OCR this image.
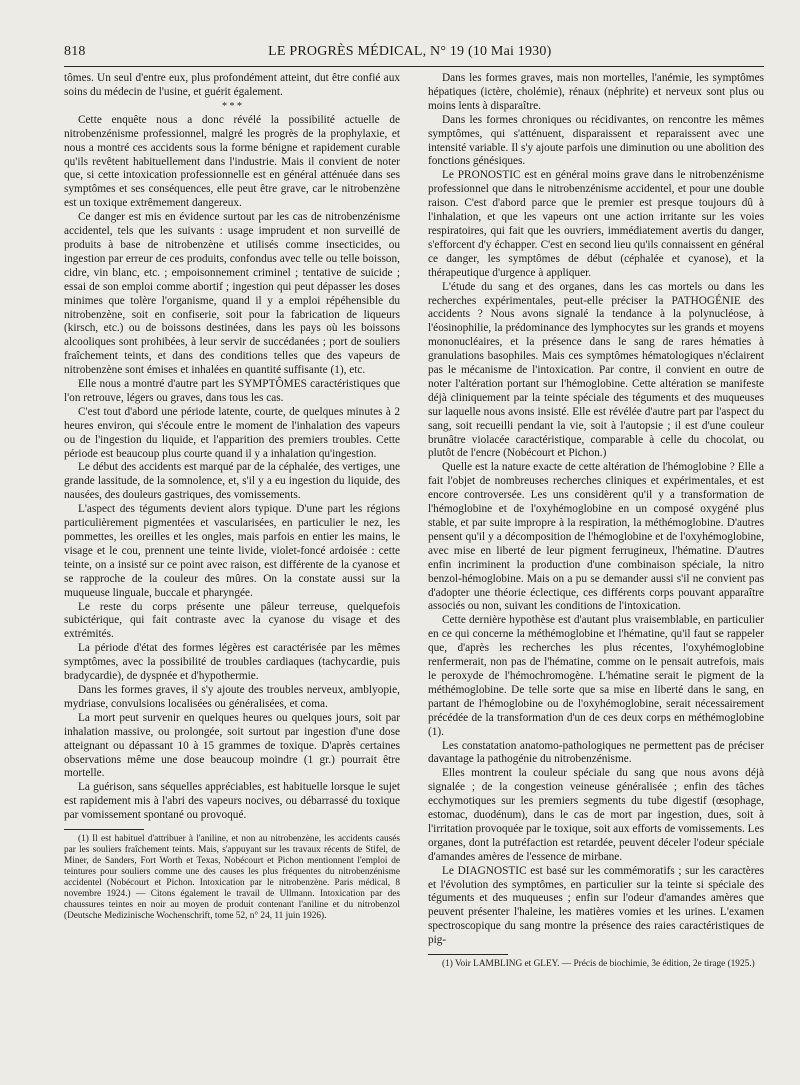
818	LE PROGRÈS MÉDICAL, N° 19 (10 Mai 1930)

tômes. Un seul d'entre eux, plus profondément atteint, dut être confié aux soins du médecin de l'usine, et guérit également.

* * *

Cette enquête nous a donc révélé la possibilité actuelle de nitrobenzénisme professionnel, malgré les progrès de la prophylaxie, et nous a montré ces accidents sous la forme bénigne et rapidement curable qu'ils revêtent habituellement dans l'industrie. Mais il convient de noter que, si cette intoxication professionnelle est en général atténuée dans ses symptômes et ses conséquences, elle peut être grave, car le nitrobenzène est un toxique extrêmement dangereux.

Ce danger est mis en évidence surtout par les cas de nitrobenzénisme accidentel, tels que les suivants : usage imprudent et non surveillé de produits à base de nitrobenzène et utilisés comme insecticides, ou ingestion par erreur de ces produits, confondus avec telle ou telle boisson, cidre, vin blanc, etc. ; empoisonnement criminel ; tentative de suicide ; essai de son emploi comme abortif ; ingestion qui peut dépasser les doses minimes que tolère l'organisme, quand il y a emploi répéhensible du nitrobenzène, soit en confiserie, soit pour la fabrication de liqueurs (kirsch, etc.) ou de boissons destinées, dans les pays où les boissons alcooliques sont prohibées, à leur servir de succédanées ; port de souliers fraîchement teints, et dans des conditions telles que des vapeurs de nitrobenzène sont émises et inhalées en quantité suffisante (1), etc.

Elle nous a montré d'autre part les SYMPTÔMES caractéristiques que l'on retrouve, légers ou graves, dans tous les cas.

C'est tout d'abord une période latente, courte, de quelques minutes à 2 heures environ, qui s'écoule entre le moment de l'inhalation des vapeurs ou de l'ingestion du liquide, et l'apparition des premiers troubles. Cette période est beaucoup plus courte quand il y a inhalation qu'ingestion.

Le début des accidents est marqué par de la céphalée, des vertiges, une grande lassitude, de la somnolence, et, s'il y a eu ingestion du liquide, des nausées, des douleurs gastriques, des vomissements.

L'aspect des téguments devient alors typique. D'une part les régions particulièrement pigmentées et vascularisées, en particulier le nez, les pommettes, les oreilles et les ongles, mais parfois en entier les mains, le visage et le cou, prennent une teinte livide, violet-foncé ardoisée : cette teinte, on a insisté sur ce point avec raison, est différente de la cyanose et se rapproche de la couleur des mûres. On la constate aussi sur la muqueuse linguale, buccale et pharyngée.

Le reste du corps présente une pâleur terreuse, quelquefois subictérique, qui fait contraste avec la cyanose du visage et des extrémités.

La période d'état des formes légères est caractérisée par les mêmes symptômes, avec la possibilité de troubles cardiaques (tachycardie, puis bradycardie), de dyspnée et d'hypothermie.

Dans les formes graves, il s'y ajoute des troubles nerveux, amblyopie, mydriase, convulsions localisées ou généralisées, et coma.

La mort peut survenir en quelques heures ou quelques jours, soit par inhalation massive, ou prolongée, soit surtout par ingestion d'une dose atteignant ou dépassant 10 à 15 grammes de toxique. D'après certaines observations même une dose beaucoup moindre (1 gr.) pourrait être mortelle.

La guérison, sans séquelles appréciables, est habituelle lorsque le sujet est rapidement mis à l'abri des vapeurs nocives, ou débarrassé du toxique par vomissement spontané ou provoqué.

(1) Il est habituel d'attribuer à l'aniline, et non au nitrobenzène, les accidents causés par les souliers fraîchement teints. Mais, s'appuyant sur les travaux récents de Stifel, de Miner, de Sanders, Fort Worth et Texas, Nobécourt et Pichon mentionnent l'emploi de teintures pour souliers comme une des causes les plus fréquentes du nitrobenzénisme accidentel (Nobécourt et Pichon. Intoxication par le nitrobenzène. Paris médical, 8 novembre 1924.) — Citons également le travail de Ullmann. Intoxication par des chaussures teintes en noir au moyen de produit contenant l'aniline et du nitrobenzol (Deutsche Medizinische Wochenschrift, tome 52, n° 24, 11 juin 1926).

Dans les formes graves, mais non mortelles, l'anémie, les symptômes hépatiques (ictère, cholémie), rénaux (néphrite) et nerveux sont plus ou moins lents à disparaître.

Dans les formes chroniques ou récidivantes, on rencontre les mêmes symptômes, qui s'atténuent, disparaissent et reparaissent avec une intensité variable. Il s'y ajoute parfois une diminution ou une abolition des fonctions génésiques.

Le PRONOSTIC est en général moins grave dans le nitrobenzénisme professionnel que dans le nitrobenzénisme accidentel, et pour une double raison. C'est d'abord parce que le premier est presque toujours dû à l'inhalation, et que les vapeurs ont une action irritante sur les voies respiratoires, qui fait que les ouvriers, immédiatement avertis du danger, s'efforcent d'y échapper. C'est en second lieu qu'ils connaissent en général ce danger, les symptômes de début (céphalée et cyanose), et la thérapeutique d'urgence à appliquer.

L'étude du sang et des organes, dans les cas mortels ou dans les recherches expérimentales, peut-elle préciser la PATHOGÉNIE des accidents ? Nous avons signalé la tendance à la polynucléose, à l'éosinophilie, la prédominance des lymphocytes sur les grands et moyens mononucléaires, et la présence dans le sang de rares hématies à granulations basophiles. Mais ces symptômes hématologiques n'éclairent pas le mécanisme de l'intoxication. Par contre, il convient en outre de noter l'altération portant sur l'hémoglobine. Cette altération se manifeste déjà cliniquement par la teinte spéciale des téguments et des muqueuses sur laquelle nous avons insisté. Elle est révélée d'autre part par l'aspect du sang, soit recueilli pendant la vie, soit à l'autopsie ; il est d'une couleur brunâtre violacée caractéristique, comparable à celle du chocolat, ou plutôt de l'encre (Nobécourt et Pichon.)

Quelle est la nature exacte de cette altération de l'hémoglobine ? Elle a fait l'objet de nombreuses recherches cliniques et expérimentales, et est encore controversée. Les uns considèrent qu'il y a transformation de l'hémoglobine et de l'oxyhémoglobine en un composé oxygéné plus stable, et par suite impropre à la respiration, la méthémoglobine. D'autres pensent qu'il y a décomposition de l'hémoglobine et de l'oxyhémoglobine, avec mise en liberté de leur pigment ferrugineux, l'hématine. D'autres enfin incriminent la production d'une combinaison spéciale, la nitro benzol-hémoglobine. Mais on a pu se demander aussi s'il ne convient pas d'adopter une théorie éclectique, ces différents corps pouvant apparaître associés ou non, suivant les conditions de l'intoxication.

Cette dernière hypothèse est d'autant plus vraisemblable, en particulier en ce qui concerne la méthémoglobine et l'hématine, qu'il faut se rappeler que, d'après les recherches les plus récentes, l'oxyhémoglobine renfermerait, non pas de l'hématine, comme on le pensait autrefois, mais le peroxyde de l'hémochromogène. L'hématine serait le pigment de la méthémoglobine. De telle sorte que sa mise en liberté dans le sang, en partant de l'hémoglobine ou de l'oxyhémoglobine, serait nécessairement précédée de la transformation d'un de ces deux corps en méthémoglobine (1).

Les constatation anatomo-pathologiques ne permettent pas de préciser davantage la pathogénie du nitrobenzénisme.

Elles montrent la couleur spéciale du sang que nous avons déjà signalée ; de la congestion veineuse généralisée ; enfin des tâches ecchymotiques sur les premiers segments du tube digestif (œsophage, estomac, duodénum), dans le cas de mort par ingestion, dues, soit à l'irritation provoquée par le toxique, soit aux efforts de vomissements. Les organes, dont la putréfaction est retardée, peuvent déceler l'odeur spéciale d'amandes amères de l'essence de mirbane.

Le DIAGNOSTIC est basé sur les commémoratifs ; sur les caractères et l'évolution des symptômes, en particulier sur la teinte si spéciale des téguments et des muqueuses ; enfin sur l'odeur d'amandes amères que peuvent présenter l'haleine, les matières vomies et les urines. L'examen spectroscopique du sang montre la présence des raies caractéristiques de pig-

(1) Voir LAMBLING et GLEY. — Précis de biochimie, 3e édition, 2e tirage (1925.)
